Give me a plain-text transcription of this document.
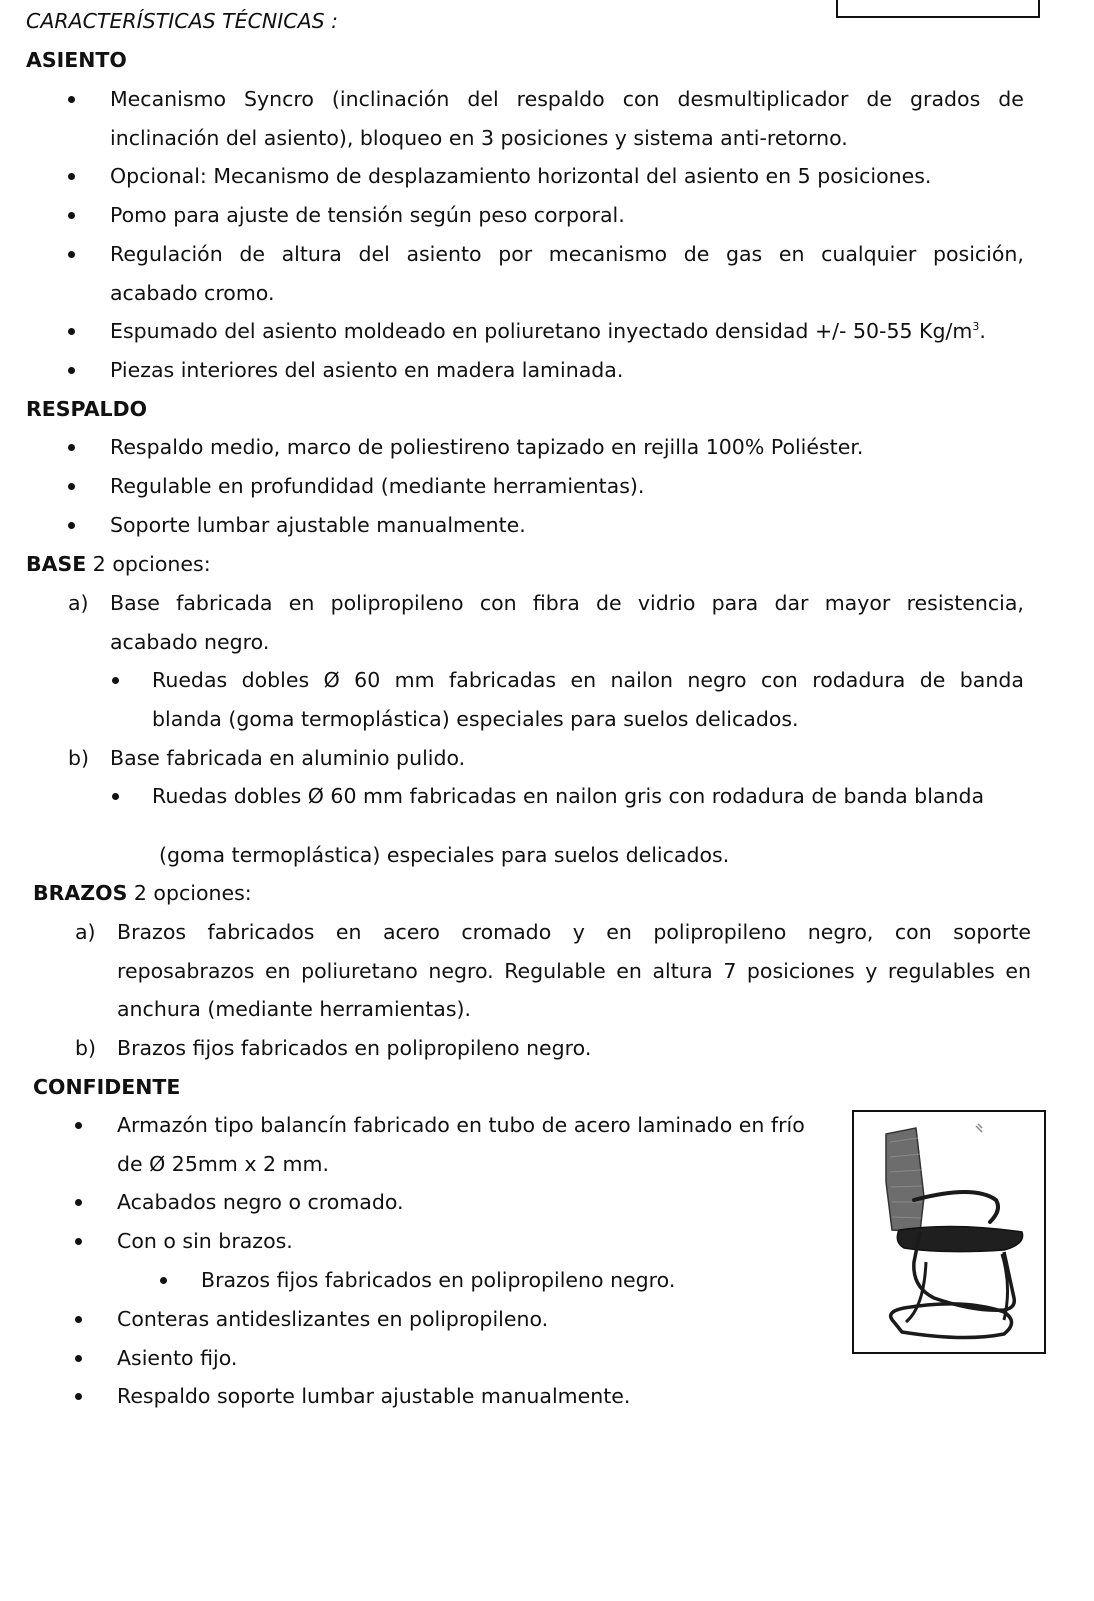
CARACTERÍSTICAS TÉCNICAS :
ASIENTO
Mecanismo Syncro (inclinación del respaldo con desmultiplicador de grados de
inclinación del asiento), bloqueo en 3 posiciones y sistema anti-retorno.
Opcional: Mecanismo de desplazamiento horizontal del asiento en 5 posiciones.
Pomo para ajuste de tensión según peso corporal.
Regulación de altura del asiento por mecanismo de gas en cualquier posición,
acabado cromo.
Espumado del asiento moldeado en poliuretano inyectado densidad +/- 50-55 $Kg/m^3$.
Piezas interiores del asiento en madera laminada.
RESPALDO
Respaldo medio, marco de poliestireno tapizado en rejilla 100% Poliéster.
Regulable en profundidad (mediante herramientas).
Soporte lumbar ajustable manualmente.
BASE 2 opciones:
a) Base fabricada en polipropileno con fibra de vidrio para dar mayor resistencia,
acabado negro.
Ruedas dobles Ø 60 mm fabricadas en nailon negro con rodadura de banda
blanda (goma termoplástica) especiales para suelos delicados.
b) Base fabricada en aluminio pulido.
Ruedas dobles Ø 60 mm fabricadas en nailon gris con rodadura de banda blanda
(goma termoplástica) especiales para suelos delicados.
BRAZOS 2 opciones:
a) Brazos fabricados en acero cromado y en polipropileno negro, con soporte
reposabrazos en poliuretano negro. Regulable en altura 7 posiciones y regulables en
anchura (mediante herramientas).
b) Brazos fijos fabricados en polipropileno negro.
CONFIDENTE
Armazón tipo balancín fabricado en tubo de acero laminado en frío
de Ø 25mm x 2 mm.
Acabados negro o cromado.
Con o sin brazos.
Brazos fijos fabricados en polipropileno negro.
Conteras antideslizantes en polipropileno.
Asiento fijo.
Respaldo soporte lumbar ajustable manualmente.
